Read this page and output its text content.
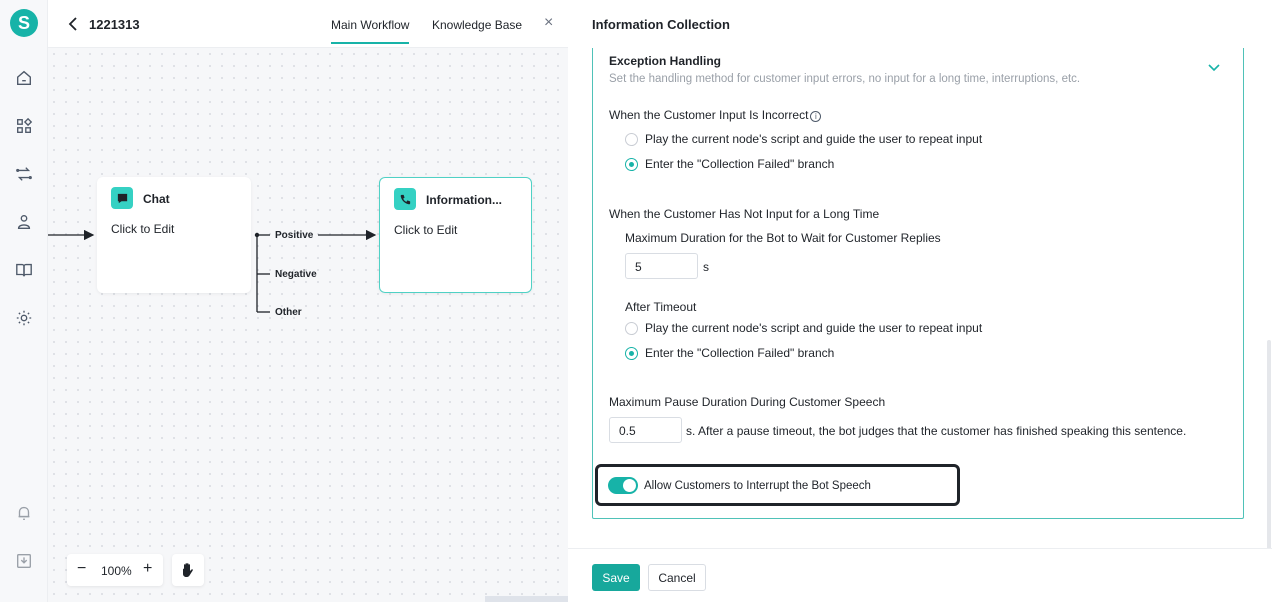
S	1221313	Main Workflow Knowledge Base ×
Chat
Click to Edit	Positive
Negative
Other
Information...
Click to Edit
− 100% +
Information Collection
Exception Handling
Set the handling method for customer input errors, no input for a long time, interruptions, etc.
When the Customer Input Is Incorrect i
Play the current node's script and guide the user to repeat input
Enter the "Collection Failed" branch
When the Customer Has Not Input for a Long Time
Maximum Duration for the Bot to Wait for Customer Replies
5	s
After Timeout
Play the current node's script and guide the user to repeat input
Enter the "Collection Failed" branch
Maximum Pause Duration During Customer Speech
0.5	s. After a pause timeout, the bot judges that the customer has finished speaking this sentence.
Allow Customers to Interrupt the Bot Speech
Save	Cancel
